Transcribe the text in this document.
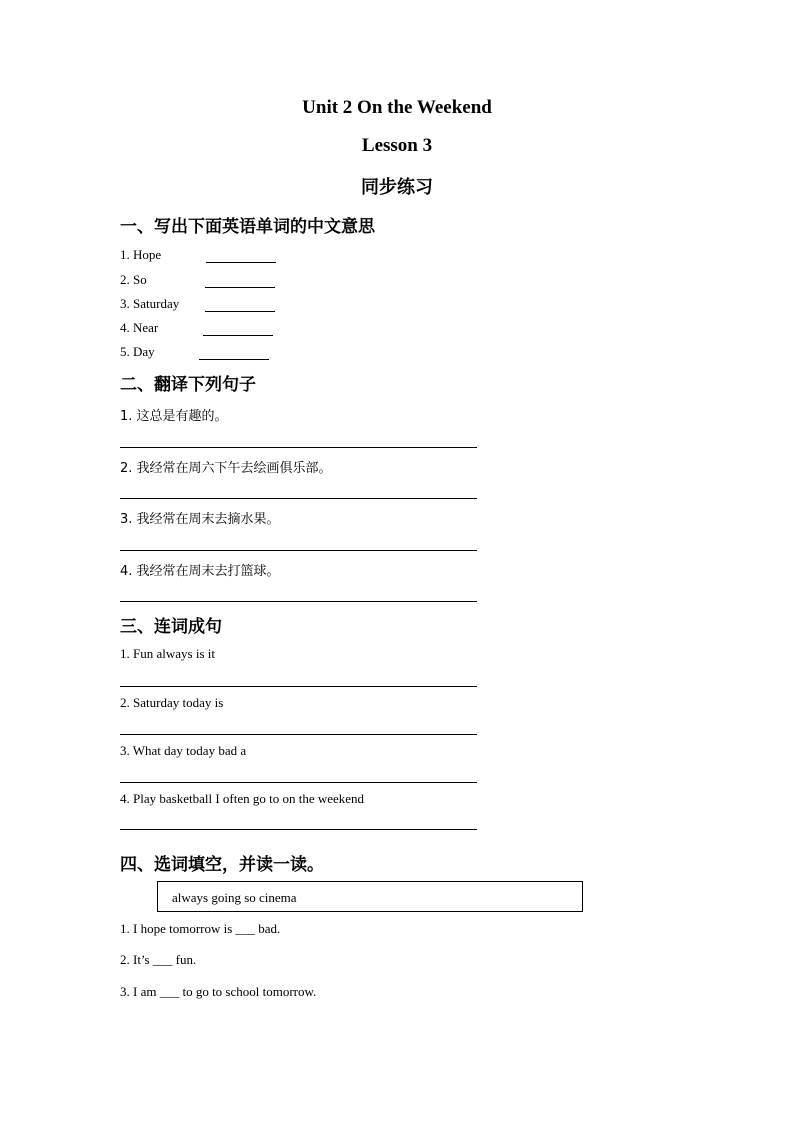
Unit 2 On the Weekend
Lesson 3
同步练习
一、写出下面英语单词的中文意思
1. Hope
2. So
3. Saturday
4. Near
5. Day
二、翻译下列句子
1. 这总是有趣的。
2. 我经常在周六下午去绘画俱乐部。
3. 我经常在周末去摘水果。
4. 我经常在周末去打篮球。
三、连词成句
1. Fun always is it
2. Saturday today is
3. What day today bad a
4. Play basketball I often go to on the weekend
四、选词填空，并读一读。
always going so cinema
1. I hope tomorrow is ___ bad.
2. It’s ___ fun.
3. I am ___ to go to school tomorrow.
